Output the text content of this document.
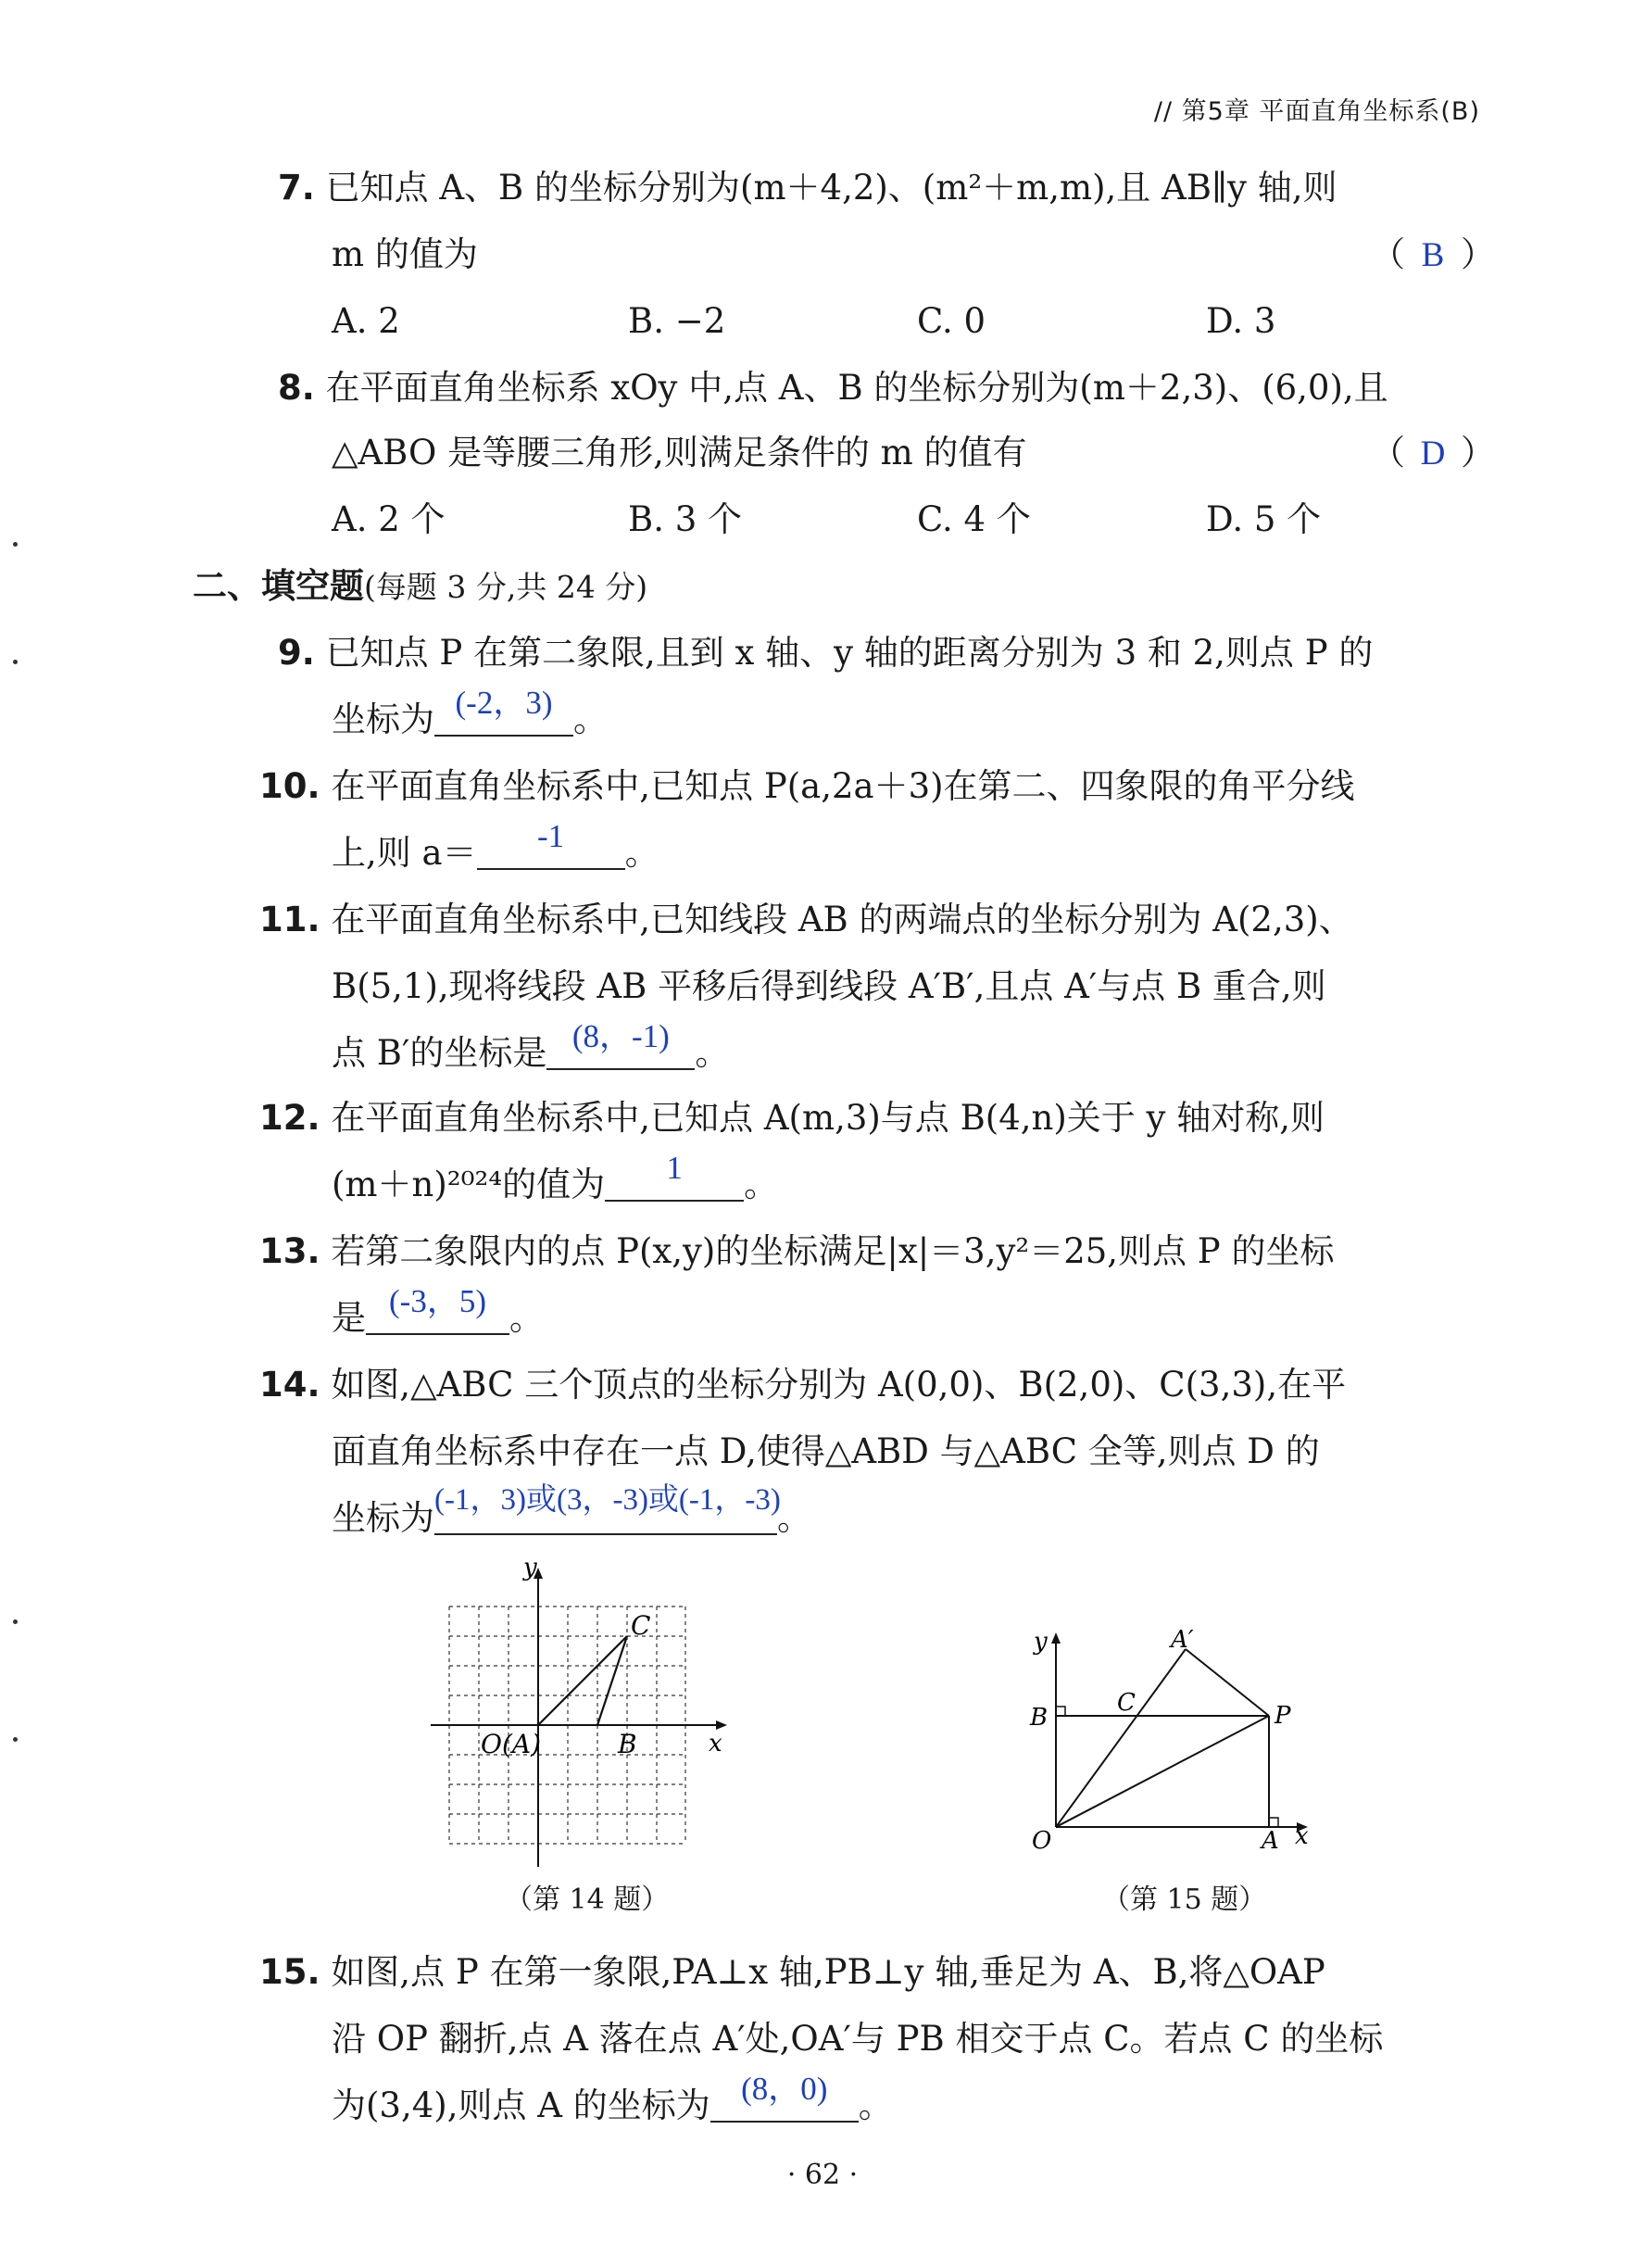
// 第5章 平面直角坐标系(B)
7. 已知点 A、B 的坐标分别为(m＋4,2)、(m²＋m,m),且 AB∥y 轴,则
m 的值为	（ B ）
A. 2	B. −2	C. 0	D. 3
8. 在平面直角坐标系 xOy 中,点 A、B 的坐标分别为(m＋2,3)、(6,0),且
△ABO 是等腰三角形,则满足条件的 m 的值有	（ D ）
A. 2 个	B. 3 个	C. 4 个	D. 5 个
二、填空题(每题 3 分,共 24 分)
9. 已知点 P 在第二象限,且到 x 轴、y 轴的距离分别为 3 和 2,则点 P 的
坐标为 (-2，3) 。
10. 在平面直角坐标系中,已知点 P(a,2a＋3)在第二、四象限的角平分线
上,则 a＝	-1	。
11. 在平面直角坐标系中,已知线段 AB 的两端点的坐标分别为 A(2,3)、
B(5,1),现将线段 AB 平移后得到线段 A′B′,且点 A′与点 B 重合,则
点 B′的坐标是 (8，-1) 。
12. 在平面直角坐标系中,已知点 A(m,3)与点 B(4,n)关于 y 轴对称,则
(m＋n)²⁰²⁴的值为	1	。
13. 若第二象限内的点 P(x,y)的坐标满足|x|＝3,y²＝25,则点 P 的坐标
是 (-3，5) 。
14. 如图,△ABC 三个顶点的坐标分别为 A(0,0)、B(2,0)、C(3,3),在平
面直角坐标系中存在一点 D,使得△ABD 与△ABC 全等,则点 D 的
坐标为 (-1，3)或(3，-3)或(-1，-3)
。
y
x
C
O(A)	B
（第 14 题）
y
x
A′
B
C	P
O	A
（第 15 题）
15. 如图,点 P 在第一象限,PA⊥x 轴,PB⊥y 轴,垂足为 A、B,将△OAP
沿 OP 翻折,点 A 落在点 A′处,OA′与 PB 相交于点 C。若点 C 的坐标
为(3,4),则点 A 的坐标为 (8，0) 。
· 62 ·
